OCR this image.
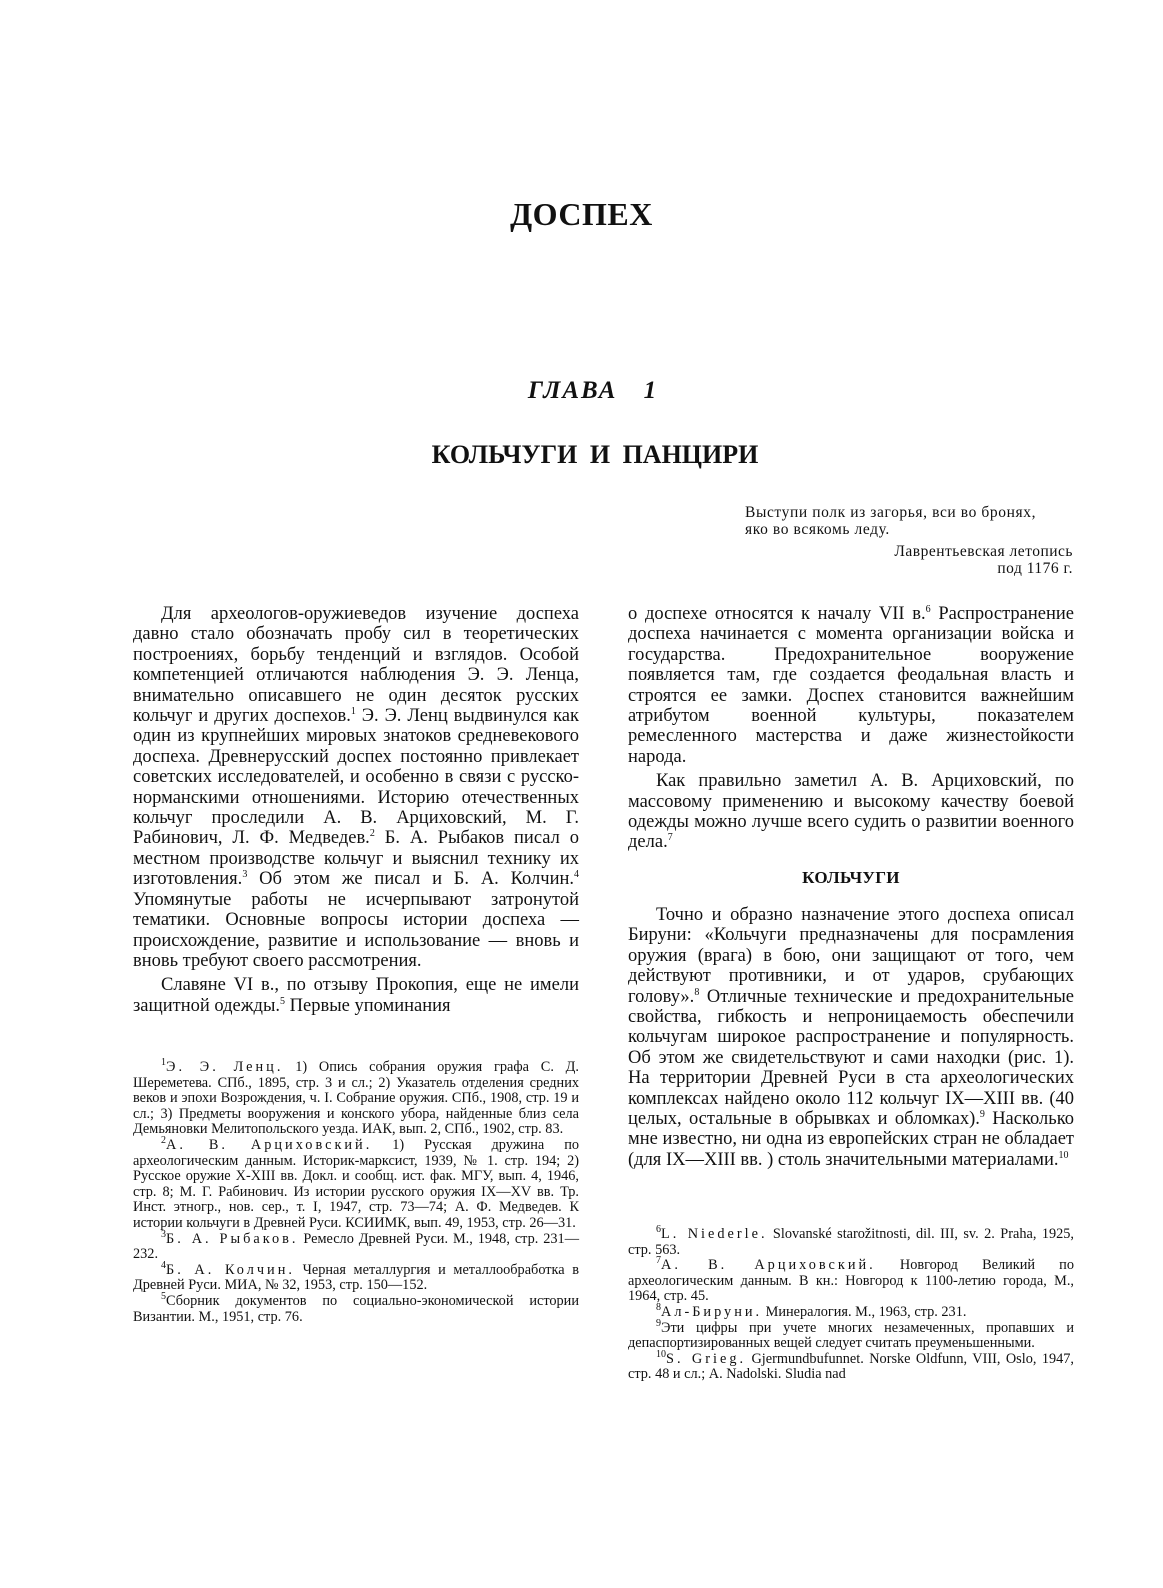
ДОСПЕХ
ГЛАВА 1
КОЛЬЧУГИ И ПАНЦИРИ
Выступи полк из загорья, вси во бронях,
яко во всякомь леду.
Лаврентьевская летопись
под 1176 г.

Для археологов-оружиеведов изучение доспеха давно стало обозначать пробу сил в теоретических построениях, борьбу тенденций и взглядов. Особой компетенцией отличаются наблюдения Э. Э. Ленца, внимательно описавшего не один десяток русских кольчуг и других доспехов.$^1$ Э. Э. Ленц выдвинулся как один из крупнейших мировых знатоков средневекового доспеха. Древнерусский доспех постоянно привлекает советских исследователей, и особенно в связи с русско-норманскими отношениями. Историю отечественных кольчуг проследили А. В. Арциховский, М. Г. Рабинович, Л. Ф. Медведев.$^2$ Б. А. Рыбаков писал о местном производстве кольчуг и выяснил технику их изготовления.$^3$ Об этом же писал и Б. А. Колчин.$^4$ Упомянутые работы не исчерпывают затронутой тематики. Основные вопросы истории доспеха — происхождение, развитие и использование — вновь и вновь требуют своего рассмотрения.

Славяне VI в., по отзыву Прокопия, еще не имели защитной одежды.$^5$ Первые упоминания

о доспехе относятся к началу VII в.$^6$ Распространение доспеха начинается с момента организации войска и государства. Предохранительное вооружение появляется там, где создается феодальная власть и строятся ее замки. Доспех становится важнейшим атрибутом военной культуры, показателем ремесленного мастерства и даже жизнестойкости народа.

Как правильно заметил А. В. Арциховский, по массовому применению и высокому качеству боевой одежды можно лучше всего судить о развитии военного дела.$^7$

КОЛЬЧУГИ

Точно и образно назначение этого доспеха описал Бируни: «Кольчуги предназначены для посрамления оружия (врага) в бою, они защищают от того, чем действуют противники, и от ударов, срубающих голову».$^8$ Отличные технические и предохранительные свойства, гибкость и непроницаемость обеспечили кольчугам широкое распространение и популярность. Об этом же свидетельствуют и сами находки (рис. 1). На территории Древней Руси в ста археологических комплексах найдено около 112 кольчуг IX—XIII вв. (40 целых, остальные в обрывках и обломках).$^9$ Насколько мне известно, ни одна из европейских стран не обладает (для IX—XIII вв. ) столь значительными материалами.$^{10}$

$^1$Э. Э. Ленц. 1) Опись собрания оружия графа С. Д. Шереметева. СПб., 1895, стр. 3 и сл.; 2) Указатель отделения средних веков и эпохи Возрождения, ч. I. Собрание оружия. СПб., 1908, стр. 19 и сл.; 3) Предметы вооружения и конского убора, найденные близ села Демьяновки Мелитопольского уезда. ИАК, вып. 2, СПб., 1902, стр. 83.

$^2$А. В. Арциховский. 1) Русская дружина по археологическим данным. Историк-марксист, 1939, № 1. стр. 194; 2) Русское оружие X-XIII вв. Докл. и сообщ. ист. фак. МГУ, вып. 4, 1946, стр. 8; М. Г. Рабинович. Из истории русского оружия IX—XV вв. Тр. Инст. этногр., нов. сер., т. I, 1947, стр. 73—74; А. Ф. Медведев. К истории кольчуги в Древней Руси. КСИИМК, вып. 49, 1953, стр. 26—31.

$^3$Б. А. Рыбаков. Ремесло Древней Руси. М., 1948, стр. 231—232.

$^4$Б. А. Колчин. Черная металлургия и металлообработка в Древней Руси. МИА, № 32, 1953, стр. 150—152.

$^5$Сборник документов по социально-экономической истории Византии. М., 1951, стр. 76.

$^6$L. Niederle. Slovanské starožitnosti, dil. III, sv. 2. Praha, 1925, стр. 563.

$^7$А. В. Арциховский. Новгород Великий по археологическим данным. В кн.: Новгород к 1100-летию города, М., 1964, стр. 45.

$^8$Ал-Бируни. Минералогия. М., 1963, стр. 231.

$^9$Эти цифры при учете многих незамеченных, пропавших и депаспортизированных вещей следует считать преуменьшенными.

$^{10}$S. Grieg. Gjermundbufunnet. Norske Oldfunn, VIII, Oslo, 1947, стр. 48 и сл.; A. Nadolski. Sludia nad
